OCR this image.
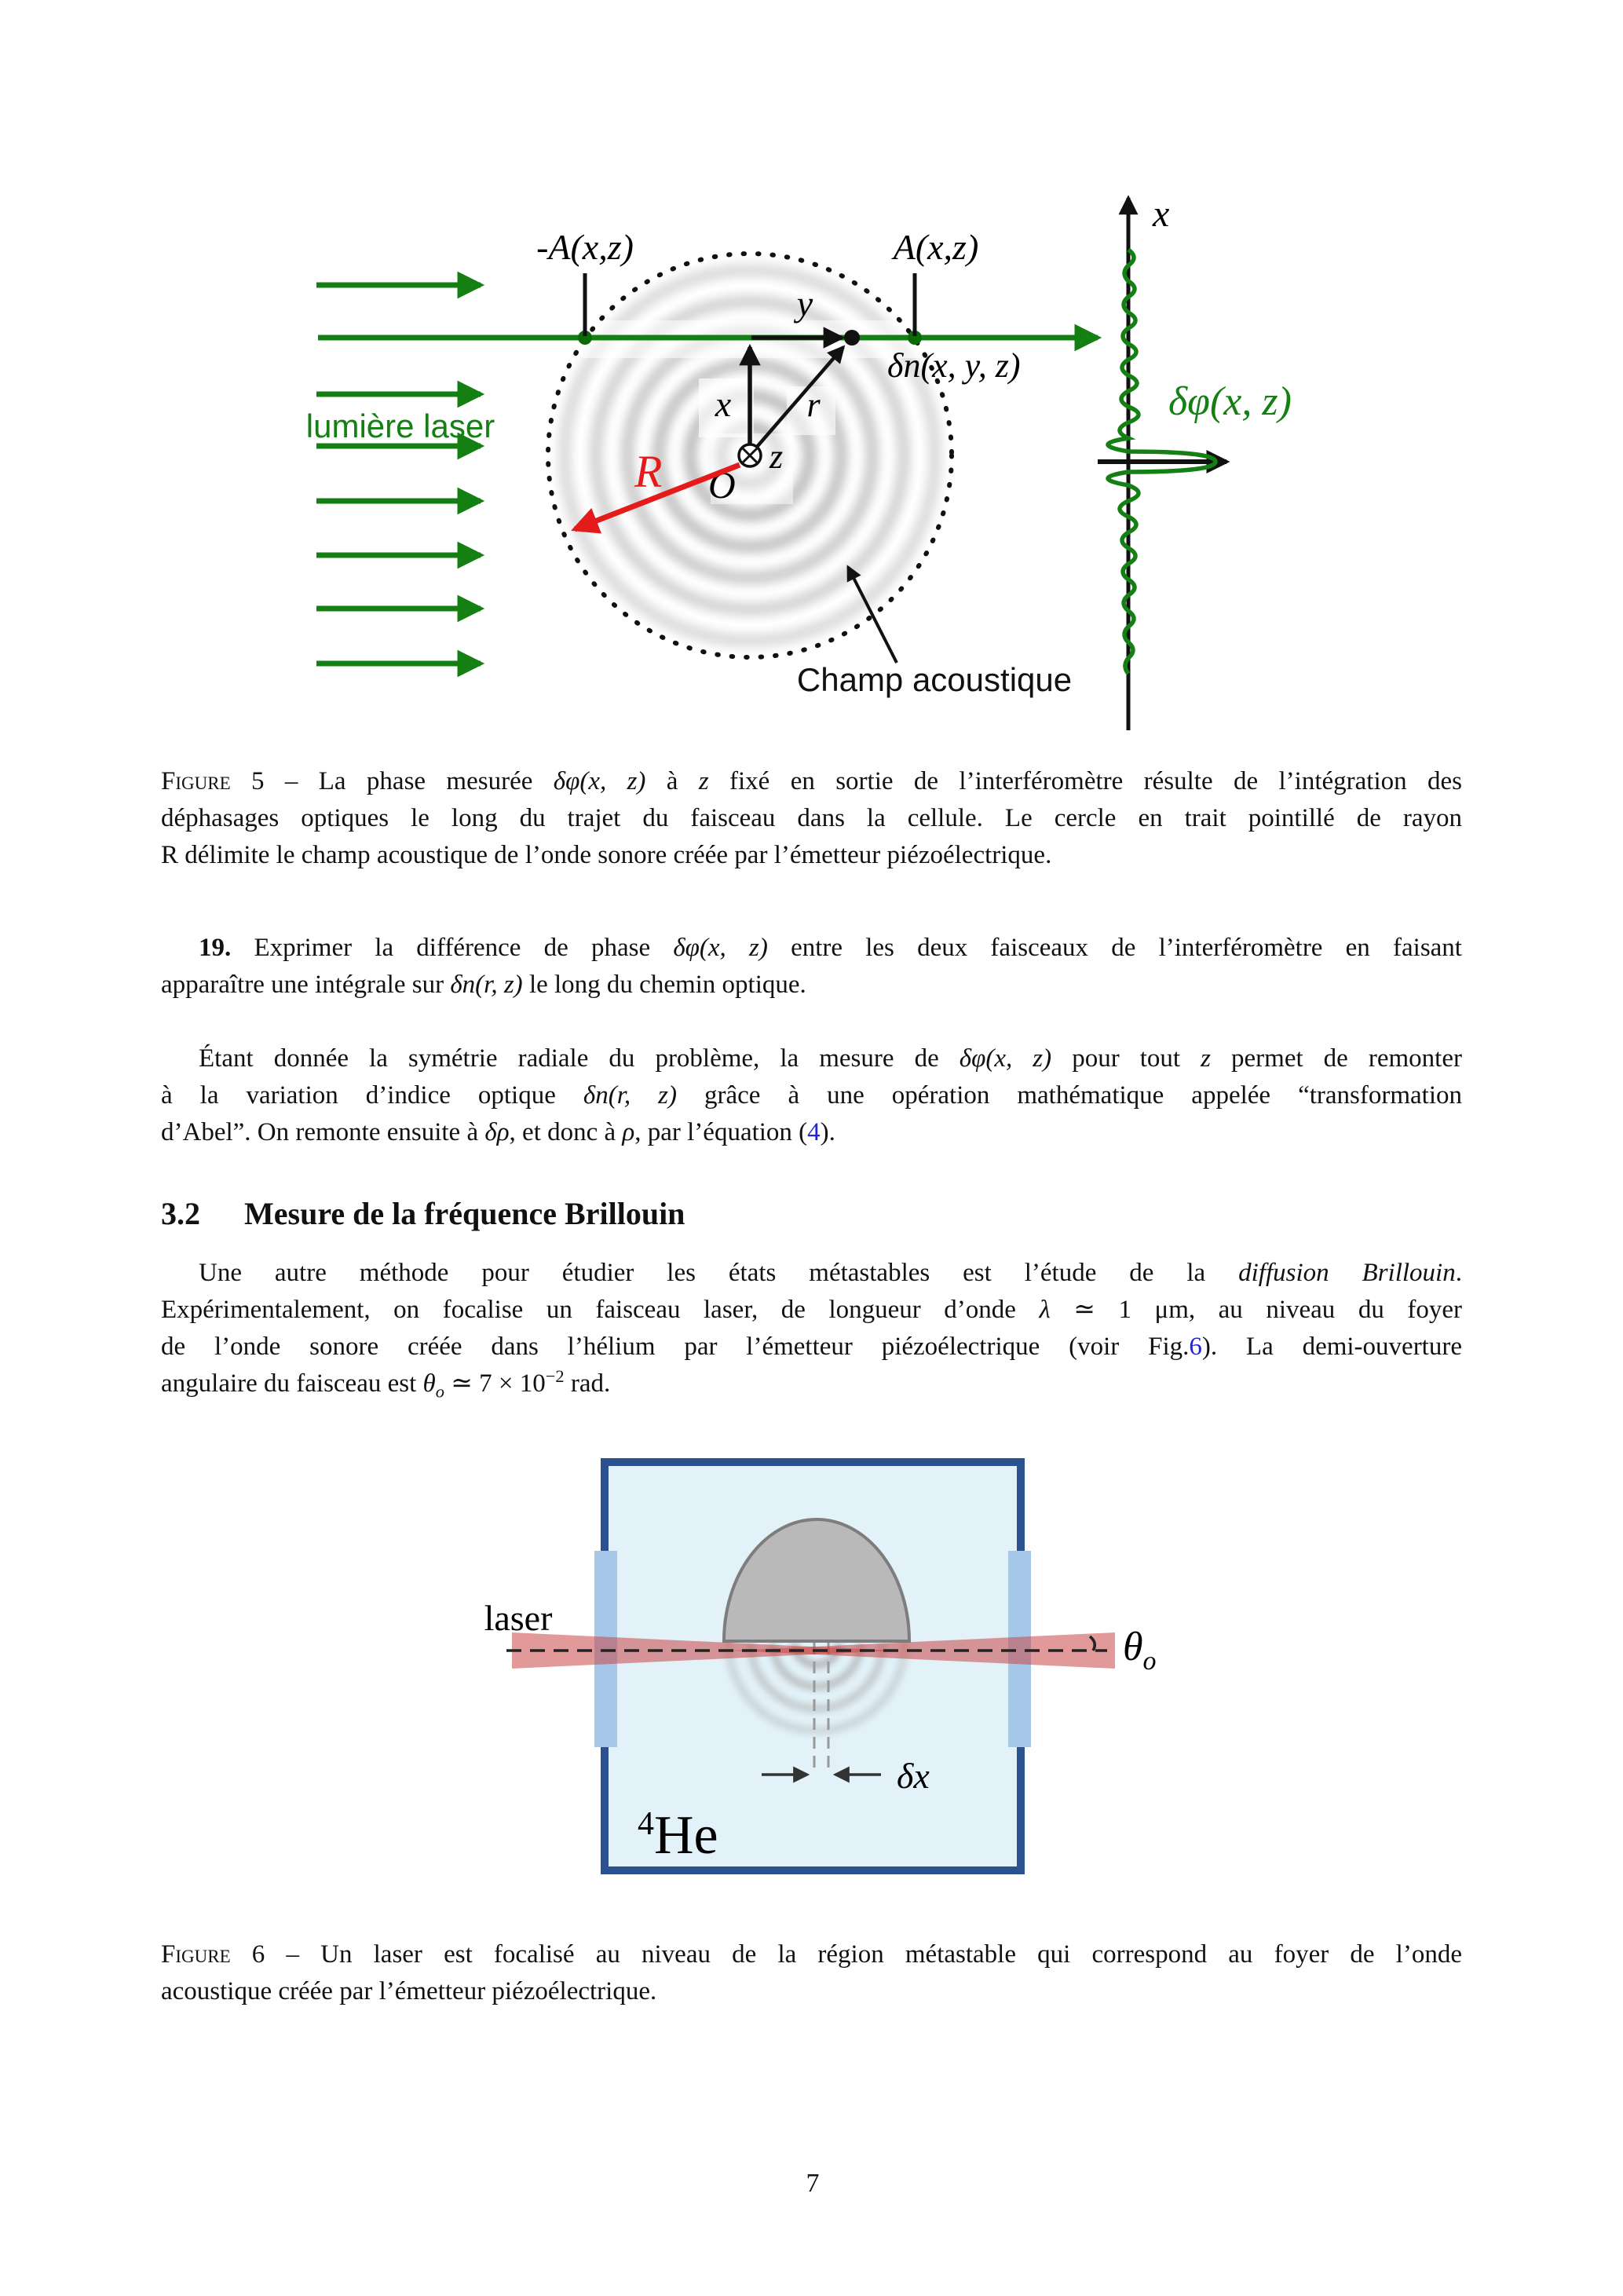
-A(x,z)	A(x,z)
y
x r
δn(x, y, z)
z
O
R
lumière laser
Champ acoustique
x
δφ(x, z)
Figure 5 – La phase mesurée δφ(x, z) à z fixé en sortie de l’interféromètre résulte de l’intégration des
déphasages optiques le long du trajet du faisceau dans la cellule. Le cercle en trait pointillé de rayon
R délimite le champ acoustique de l’onde sonore créée par l’émetteur piézoélectrique.
19. Exprimer la différence de phase δφ(x, z) entre les deux faisceaux de l’interféromètre en faisant
apparaître une intégrale sur δn(r, z) le long du chemin optique.
Étant donnée la symétrie radiale du problème, la mesure de δφ(x, z) pour tout z permet de remonter
à la variation d’indice optique δn(r, z) grâce à une opération mathématique appelée “transformation
d’Abel”. On remonte ensuite à δρ, et donc à ρ, par l’équation (4).
3.2 Mesure de la fréquence Brillouin
Une autre méthode pour étudier les états métastables est l’étude de la diffusion Brillouin.
Expérimentalement, on focalise un faisceau laser, de longueur d’onde λ ≃ 1 μm, au niveau du foyer
de l’onde sonore créée dans l’hélium par l’émetteur piézoélectrique (voir Fig.6). La demi-ouverture
angulaire du faisceau est $\theta_o$ ≃ $7 \times 10^{-2}$ rad.
laser
$\theta_o$
δx
$^4$He
Figure 6 – Un laser est focalisé au niveau de la région métastable qui correspond au foyer de l’onde
acoustique créée par l’émetteur piézoélectrique.
7
